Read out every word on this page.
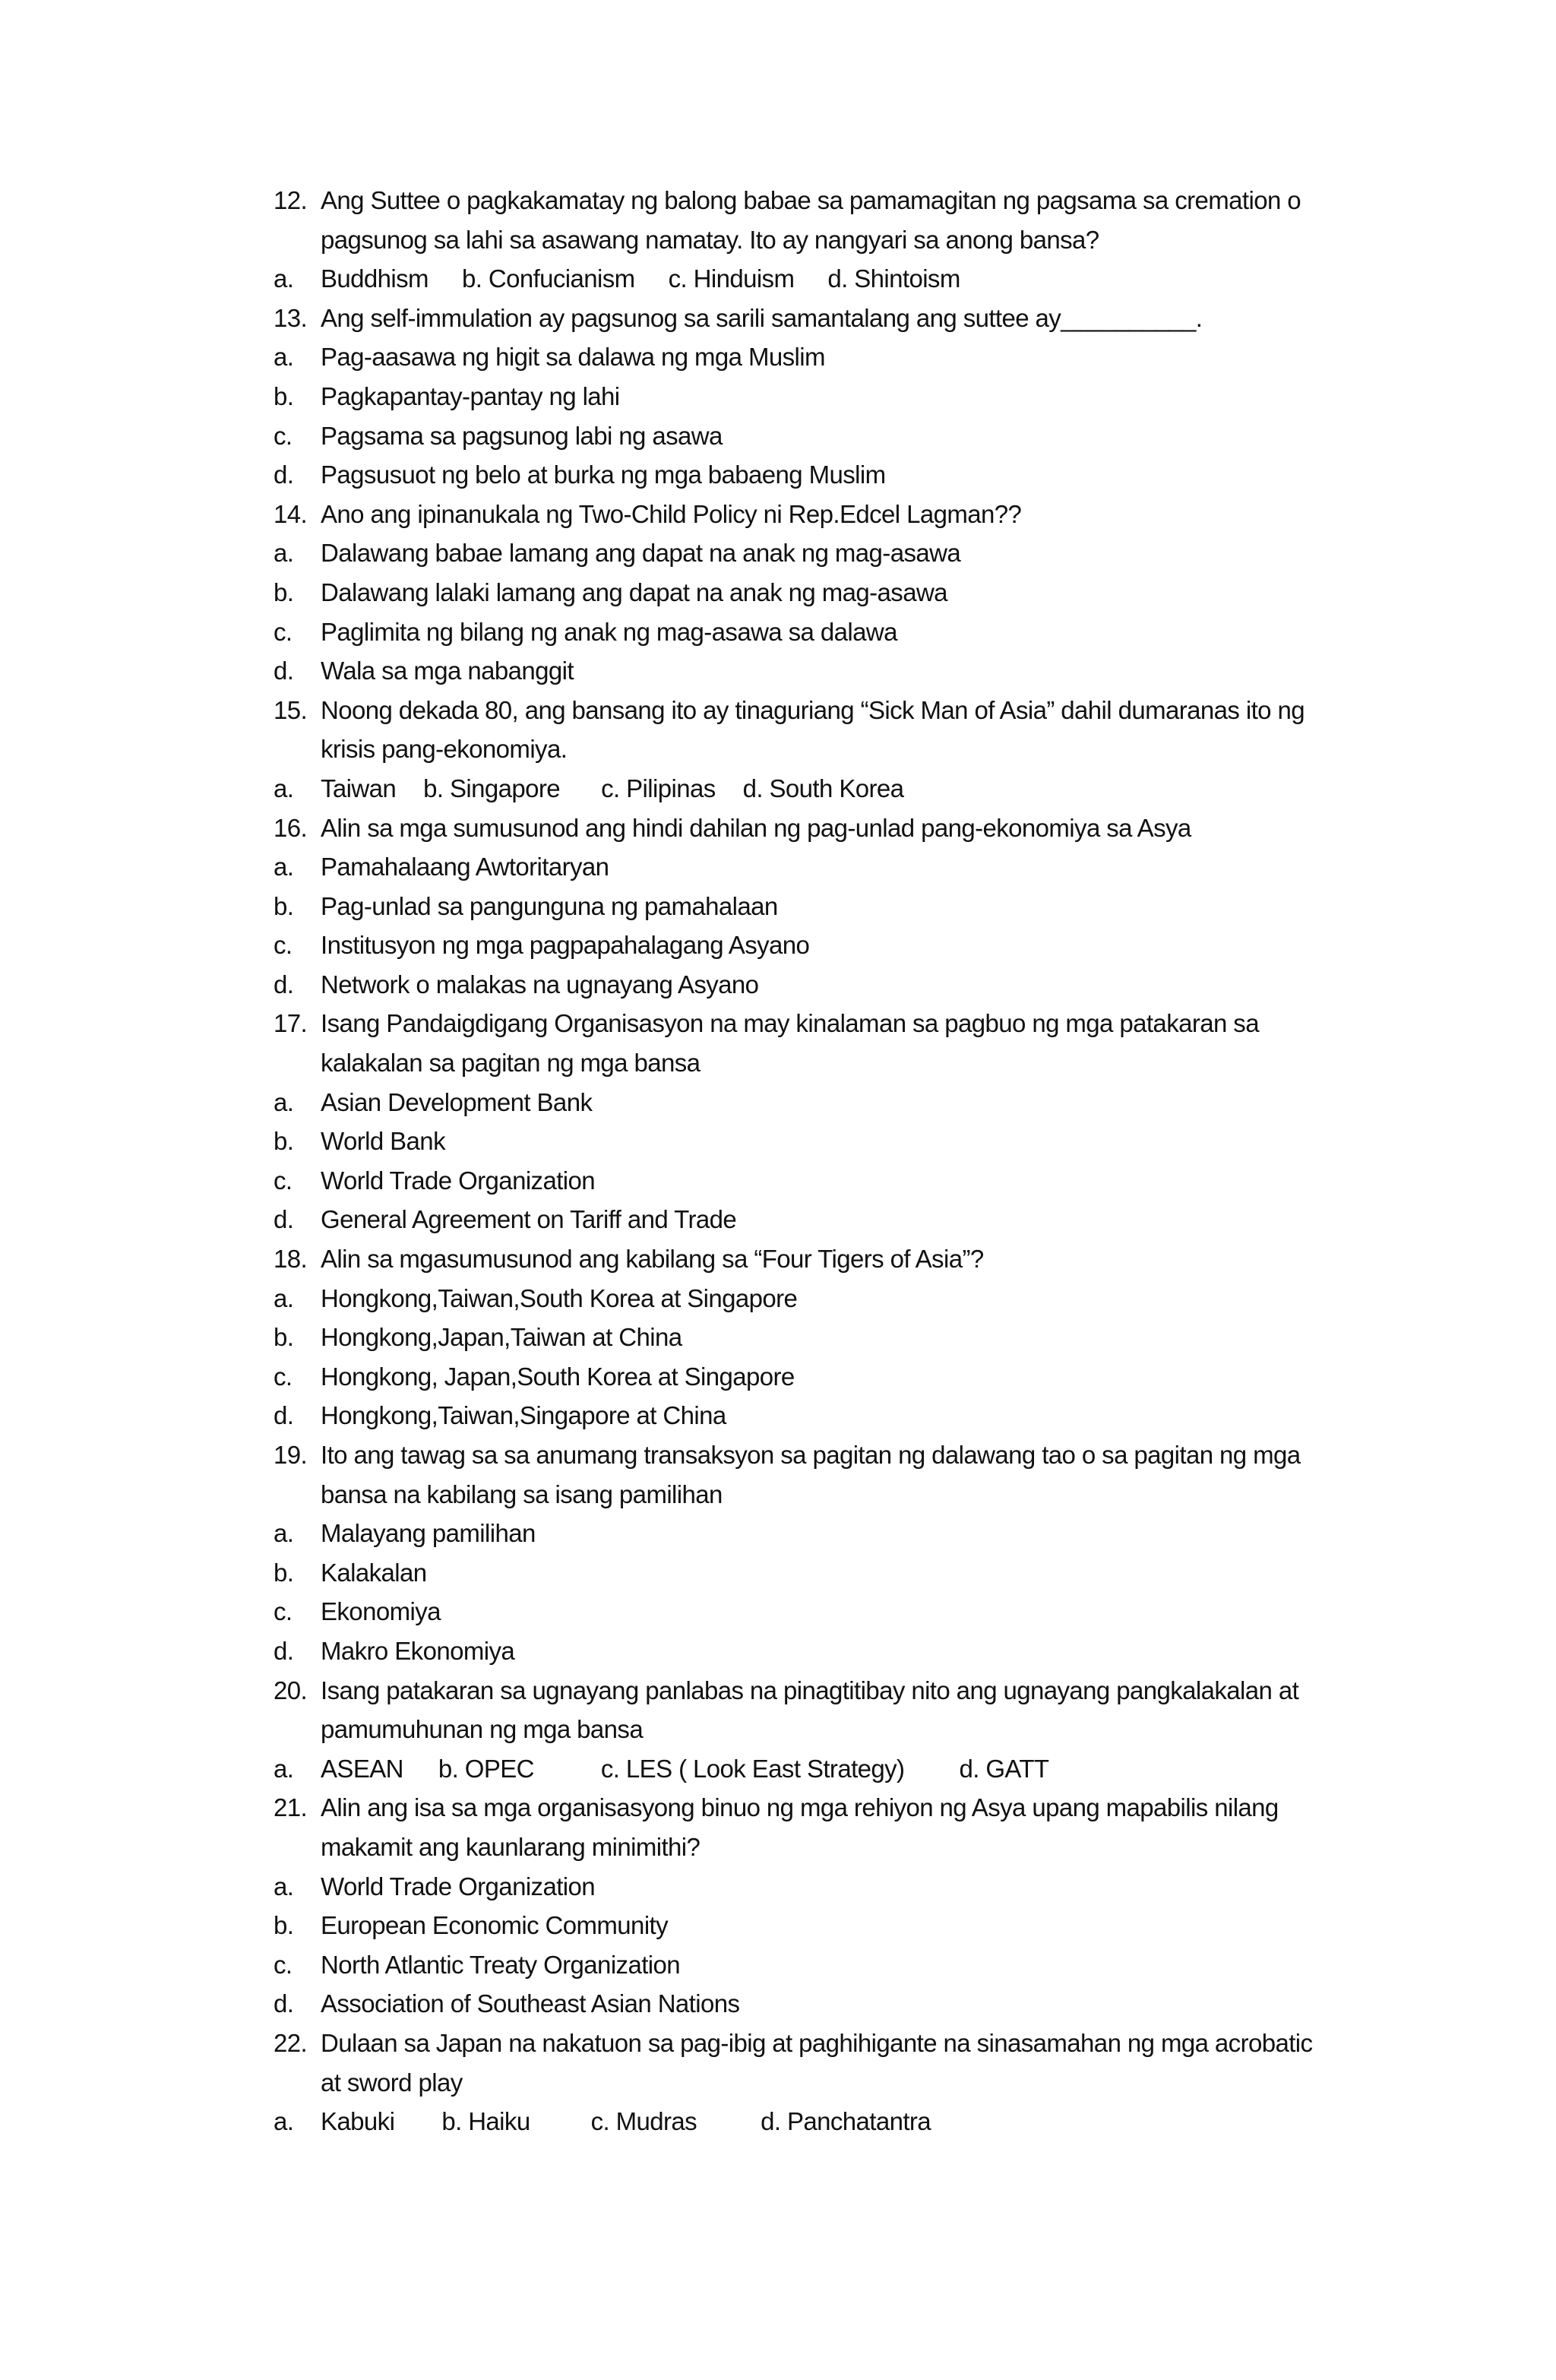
12. Ang Suttee o pagkakamatay ng balong babae sa pamamagitan ng pagsama sa cremation o
pagsunog sa lahi sa asawang namatay. Ito ay nangyari sa anong bansa?
a.	Buddhism b. Confucianism c. Hinduism d. Shintoism
13. Ang self-immulation ay pagsunog sa sarili samantalang ang suttee ay__________.
a.	Pag-aasawa ng higit sa dalawa ng mga Muslim
b.	Pagkapantay-pantay ng lahi
c.	Pagsama sa pagsunog labi ng asawa
d.	Pagsusuot ng belo at burka ng mga babaeng Muslim
14. Ano ang ipinanukala ng Two-Child Policy ni Rep.Edcel Lagman??
a.	Dalawang babae lamang ang dapat na anak ng mag-asawa
b.	Dalawang lalaki lamang ang dapat na anak ng mag-asawa
c.	Paglimita ng bilang ng anak ng mag-asawa sa dalawa
d.	Wala sa mga nabanggit
15. Noong dekada 80, ang bansang ito ay tinaguriang “Sick Man of Asia” dahil dumaranas ito ng
krisis pang-ekonomiya.
a.	Taiwan b. Singapore c. Pilipinas d. South Korea
16. Alin sa mga sumusunod ang hindi dahilan ng pag-unlad pang-ekonomiya sa Asya
a.	Pamahalaang Awtoritaryan
b.	Pag-unlad sa pangunguna ng pamahalaan
c.	Institusyon ng mga pagpapahalagang Asyano
d.	Network o malakas na ugnayang Asyano
17. Isang Pandaigdigang Organisasyon na may kinalaman sa pagbuo ng mga patakaran sa
kalakalan sa pagitan ng mga bansa
a.	Asian Development Bank
b.	World Bank
c.	World Trade Organization
d.	General Agreement on Tariff and Trade
18. Alin sa mgasumusunod ang kabilang sa “Four Tigers of Asia”?
a.	Hongkong,Taiwan,South Korea at Singapore
b.	Hongkong,Japan,Taiwan at China
c.	Hongkong, Japan,South Korea at Singapore
d.	Hongkong,Taiwan,Singapore at China
19. Ito ang tawag sa sa anumang transaksyon sa pagitan ng dalawang tao o sa pagitan ng mga
bansa na kabilang sa isang pamilihan
a.	Malayang pamilihan
b.	Kalakalan
c.	Ekonomiya
d.	Makro Ekonomiya
20. Isang patakaran sa ugnayang panlabas na pinagtitibay nito ang ugnayang pangkalakalan at
pamumuhunan ng mga bansa
a.	ASEAN b. OPEC	c. LES ( Look East Strategy) d. GATT
21. Alin ang isa sa mga organisasyong binuo ng mga rehiyon ng Asya upang mapabilis nilang
makamit ang kaunlarang minimithi?
a.	World Trade Organization
b.	European Economic Community
c.	North Atlantic Treaty Organization
d.	Association of Southeast Asian Nations
22. Dulaan sa Japan na nakatuon sa pag-ibig at paghihigante na sinasamahan ng mga acrobatic
at sword play
a.	Kabuki b. Haiku c. Mudras	d. Panchatantra
